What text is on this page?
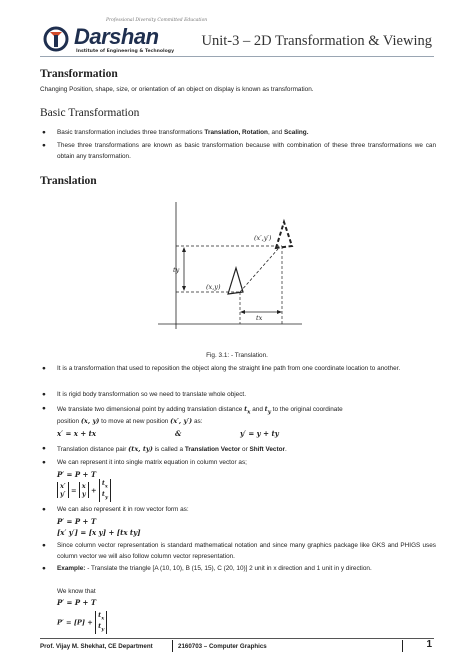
Professional Diversity Committed Education
Darshan
Institute of Engineering & Technology
Unit-3 – 2D Transformation & Viewing
Transformation
Changing Position, shape, size, or orientation of an object on display is known as transformation.
Basic Transformation
● Basic transformation includes three transformations Translation, Rotation, and Scaling.
● These three transformations are known as basic transformation because with combination of these three transformations we can obtain any transformation.
Translation
(x′,y′)
(x,y)
ty
tx
Fig. 3.1: - Translation.
● It is a transformation that used to reposition the object along the straight line path from one coordinate location to another.
● It is rigid body transformation so we need to translate whole object.
● We translate two dimensional point by adding translation distance $t_x$ and $t_y$ to the original coordinate
position (x, y) to move at new position (x′, y′) as:
x′ = x + tx	&	y′ = y + ty
● Translation distance pair (tx, ty) is called a Translation Vector or Shift Vector.
● We can represent it into single matrix equation in column vector as;
P′ = P + T
x′
y′ = x
$y + t_x$
$t_y$
● We can also represent it in row vector form as:
P′ = P + T
[x′ y′] = [x y] + [tx ty]
● Since column vector representation is standard mathematical notation and since many graphics package like GKS and PHIGS uses column vector we will also follow column vector representation.
● Example: - Translate the triangle [A (10, 10), B (15, 15), C (20, 10)] 2 unit in x direction and 1 unit in y direction.
We know that
P′ = P + T
$P' = [P] + t_x$
$t_y$
Prof. Vijay M. Shekhat, CE Department	2160703 – Computer Graphics	1
